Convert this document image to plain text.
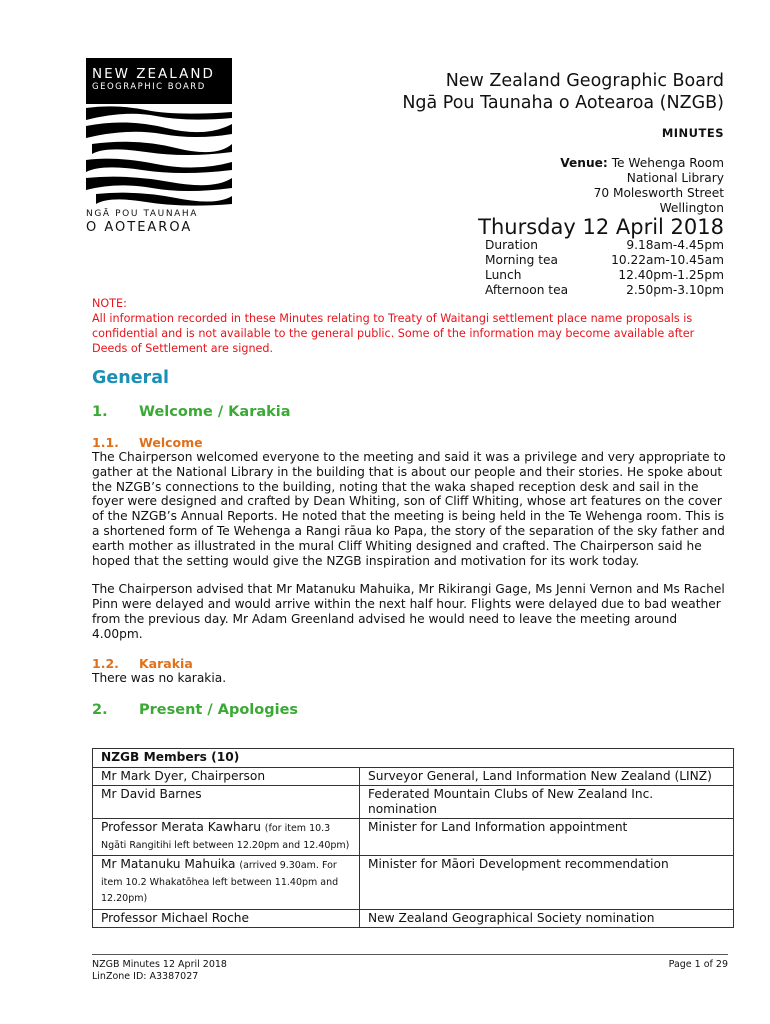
NEW ZEALAND
GEOGRAPHIC BOARD
NGĀ POU TAUNAHA
O AOTEAROA
New Zealand Geographic Board
Ngā Pou Taunaha o Aotearoa (NZGB)
MINUTES
Venue: Te Wehenga Room
National Library
70 Molesworth Street
Wellington
Thursday 12 April 2018
Duration	9.18am-4.45pm
Morning tea	10.22am-10.45am
Lunch	12.40pm-1.25pm
Afternoon tea	2.50pm-3.10pm
NOTE:
All information recorded in these Minutes relating to Treaty of Waitangi settlement place name proposals is confidential and is not available to the general public. Some of the information may become available after Deeds of Settlement are signed.
General
1.	Welcome / Karakia
1.1.	Welcome

The Chairperson welcomed everyone to the meeting and said it was a privilege and very appropriate to gather at the National Library in the building that is about our people and their stories. He spoke about the NZGB’s connections to the building, noting that the waka shaped reception desk and sail in the foyer were designed and crafted by Dean Whiting, son of Cliff Whiting, whose art features on the cover of the NZGB’s Annual Reports. He noted that the meeting is being held in the Te Wehenga room. This is a shortened form of Te Wehenga a Rangi rāua ko Papa, the story of the separation of the sky father and earth mother as illustrated in the mural Cliff Whiting designed and crafted. The Chairperson said he hoped that the setting would give the NZGB inspiration and motivation for its work today.

The Chairperson advised that Mr Matanuku Mahuika, Mr Rikirangi Gage, Ms Jenni Vernon and Ms Rachel Pinn were delayed and would arrive within the next half hour. Flights were delayed due to bad weather from the previous day. Mr Adam Greenland advised he would need to leave the meeting around 4.00pm.

1.2.	Karakia

There was no karakia.

2.	Present / Apologies
NZGB Members (10)	
Mr Mark Dyer, Chairperson	Surveyor General, Land Information New Zealand (LINZ)
Mr David Barnes	Federated Mountain Clubs of New Zealand Inc. nomination
Professor Merata Kawharu (for item 10.3 Ngāti Rangitihi left between 12.20pm and 12.40pm)	Minister for Land Information appointment
Mr Matanuku Mahuika (arrived 9.30am. For item 10.2 Whakatōhea left between 11.40pm and 12.20pm)	Minister for Māori Development recommendation
Professor Michael Roche	New Zealand Geographical Society nomination
NZGB Minutes 12 April 2018
LinZone ID: A3387027
Page 1 of 29
